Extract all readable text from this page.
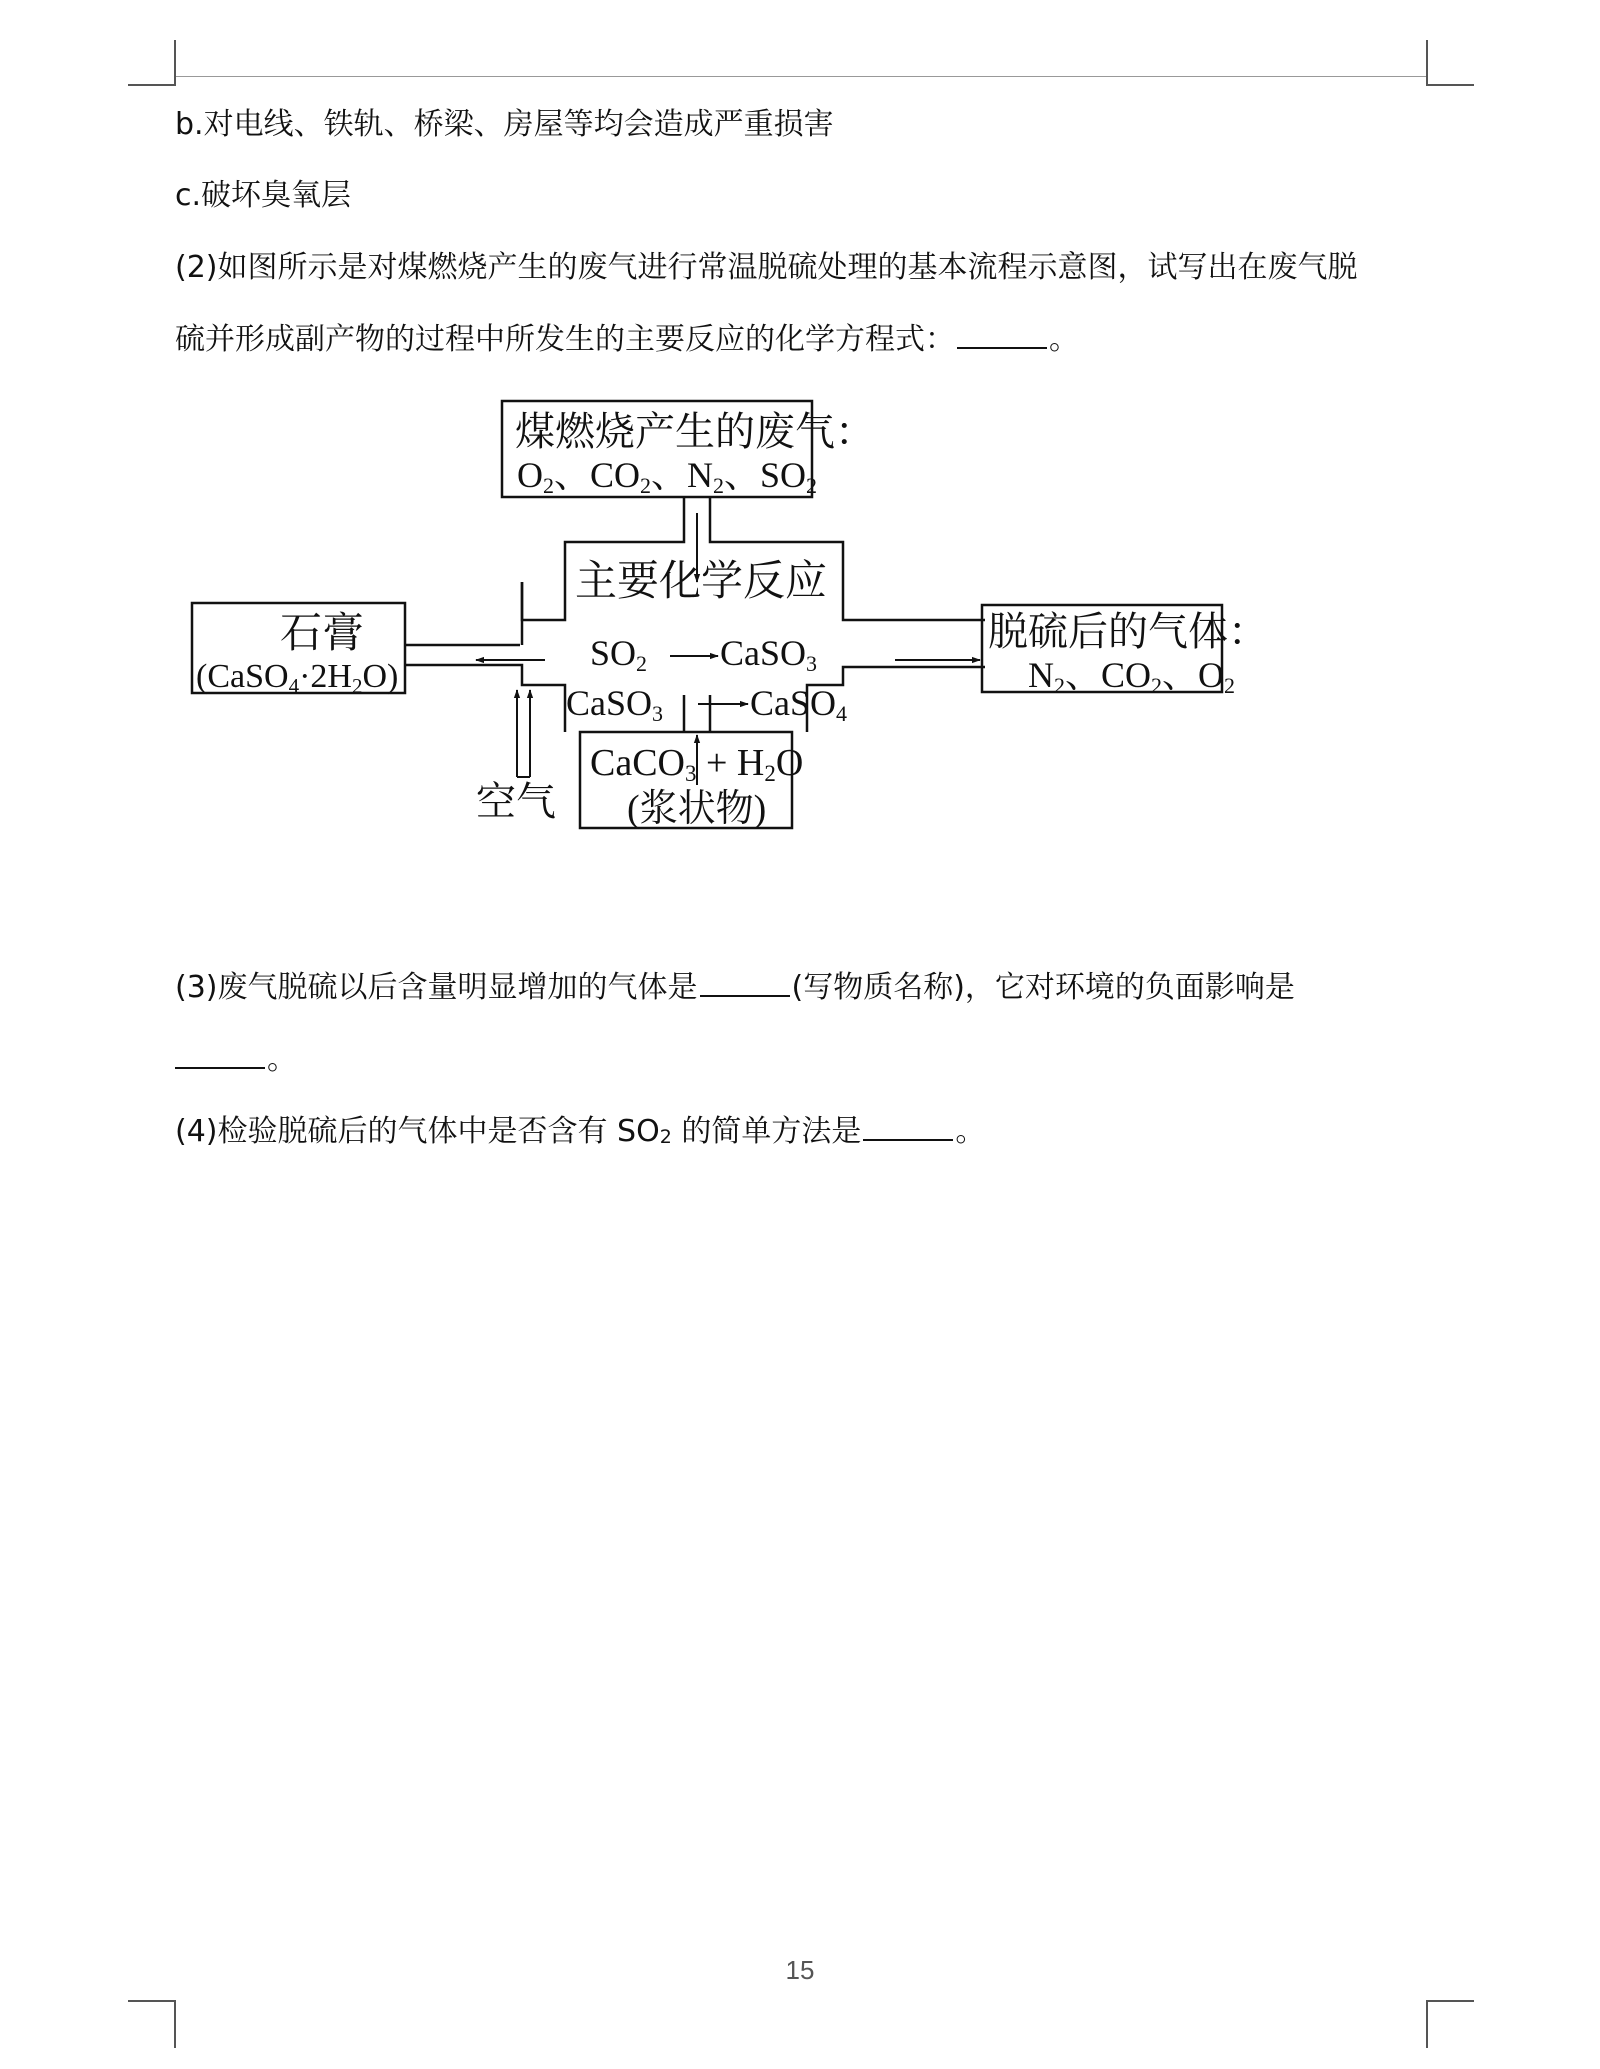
b.对电线、铁轨、桥梁、房屋等均会造成严重损害
c.破坏臭氧层
(2)如图所示是对煤燃烧产生的废气进行常温脱硫处理的基本流程示意图，试写出在废气脱
硫并形成副产物的过程中所发生的主要反应的化学方程式：	。
煤燃烧产生的废气：
O2、CO2、N2、SO2
主要化学反应
SO2 CaSO3
CaSO3 CaSO4
石膏
(CaSO4·2H2O)
脱硫后的气体：
N2、CO2、O2
CaCO3 + H2O
(浆状物)
空气
(3)废气脱硫以后含量明显增加的气体是	(写物质名称)，它对环境的负面影响是
。
(4)检验脱硫后的气体中是否含有 SO2 的简单方法是	。
15
